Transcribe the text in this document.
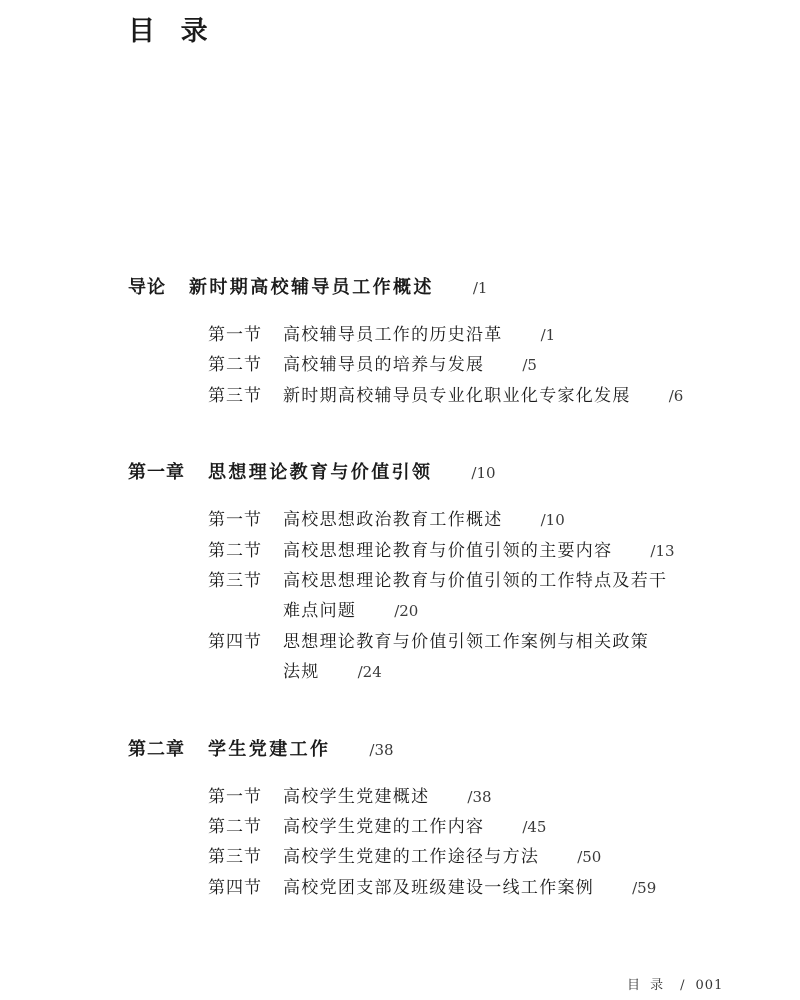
目 录
导论 新时期高校辅导员工作概述	/1
第一节	高校辅导员工作的历史沿革	/1
第二节	高校辅导员的培养与发展	/5
第三节	新时期高校辅导员专业化职业化专家化发展	/6
第一章 思想理论教育与价值引领	/10
第一节	高校思想政治教育工作概述	/10
第二节	高校思想理论教育与价值引领的主要内容	/13
第三节	高校思想理论教育与价值引领的工作特点及若干
难点问题	/20
第四节	思想理论教育与价值引领工作案例与相关政策
法规	/24
第二章 学生党建工作	/38
第一节	高校学生党建概述	/38
第二节	高校学生党建的工作内容	/45
第三节	高校学生党建的工作途径与方法	/50
第四节	高校党团支部及班级建设一线工作案例	/59
目 录 / 001
